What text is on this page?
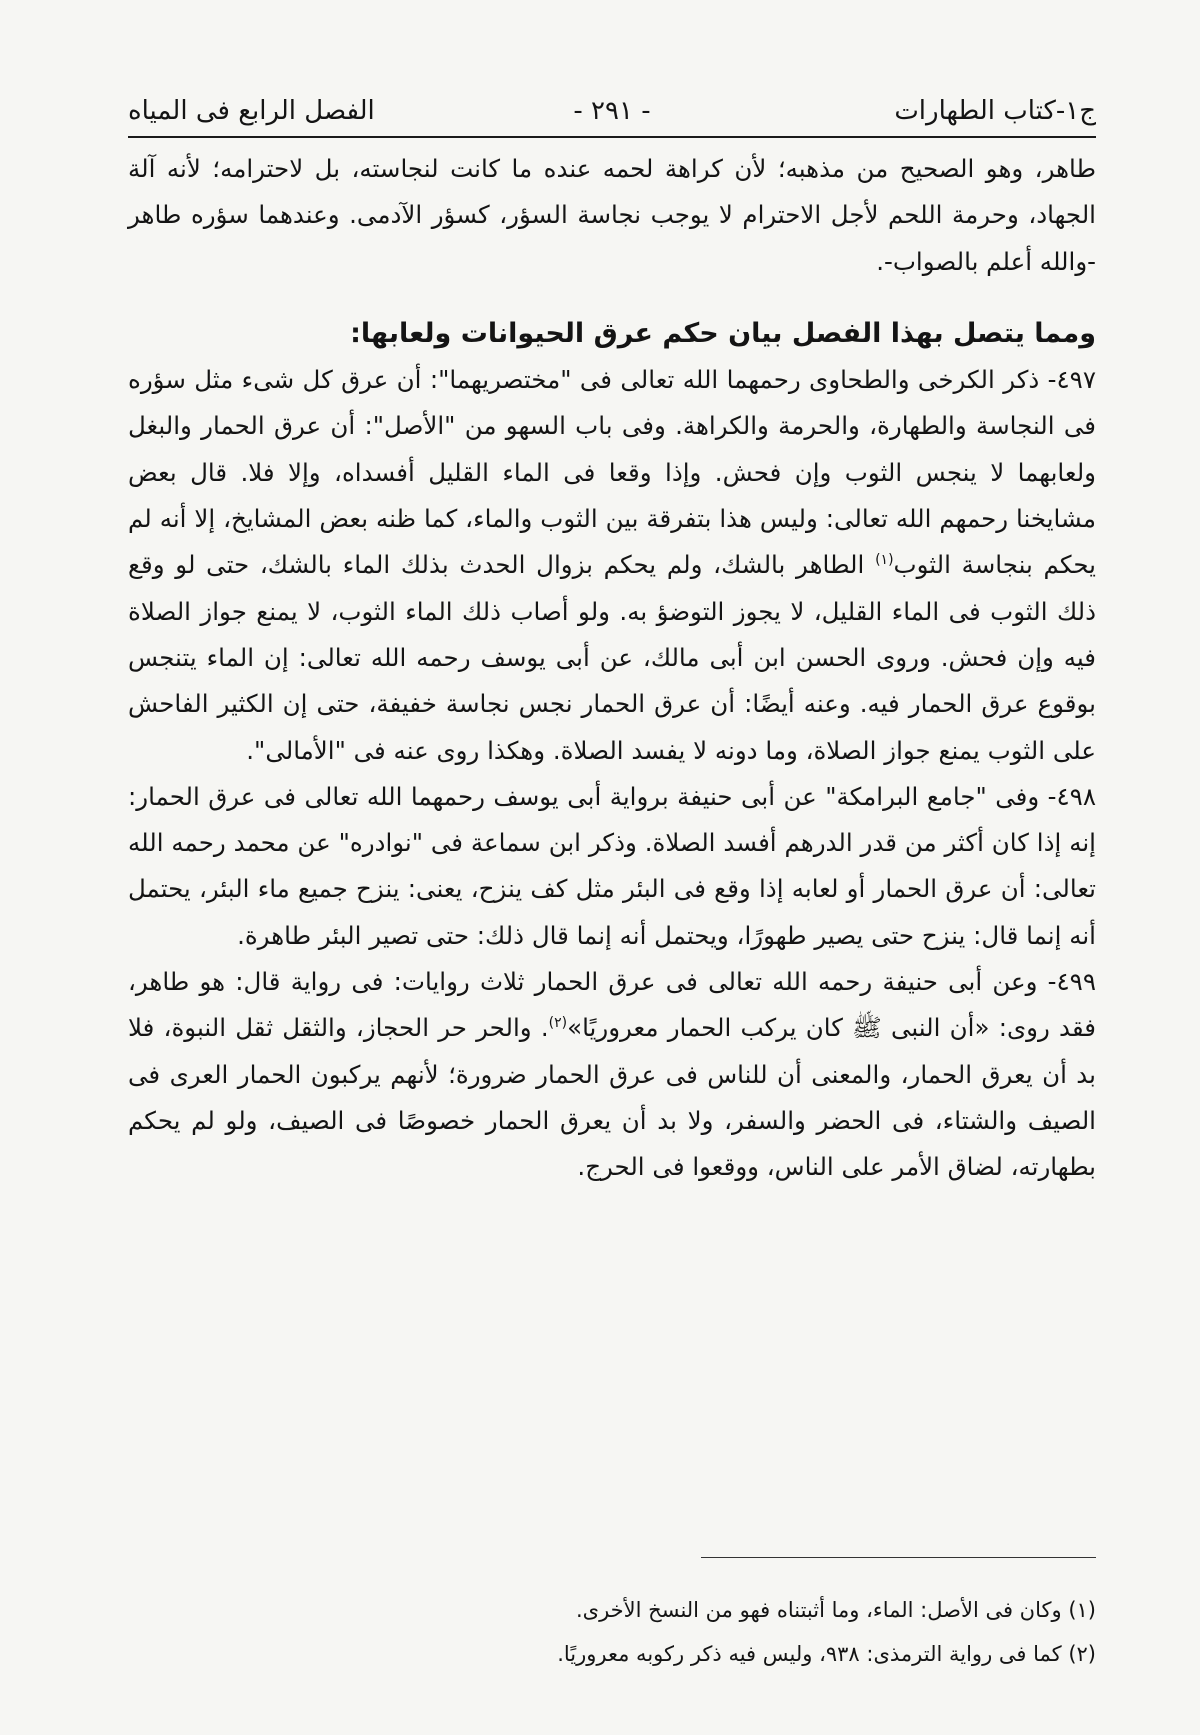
ج١-كتاب الطهارات
- ٢٩١ -
الفصل الرابع فى المياه

طاهر، وهو الصحيح من مذهبه؛ لأن كراهة لحمه عنده ما كانت لنجاسته، بل لاحترامه؛ لأنه آلة الجهاد، وحرمة اللحم لأجل الاحترام لا يوجب نجاسة السؤر، كسؤر الآدمى. وعندهما سؤره طاهر -والله أعلم بالصواب-.

ومما يتصل بهذا الفصل بيان حكم عرق الحيوانات ولعابها:

٤٩٧- ذكر الكرخى والطحاوى رحمهما الله تعالى فى "مختصريهما": أن عرق كل شىء مثل سؤره فى النجاسة والطهارة، والحرمة والكراهة. وفى باب السهو من "الأصل": أن عرق الحمار والبغل ولعابهما لا ينجس الثوب وإن فحش. وإذا وقعا فى الماء القليل أفسداه، وإلا فلا. قال بعض مشايخنا رحمهم الله تعالى: وليس هذا بتفرقة بين الثوب والماء، كما ظنه بعض المشايخ، إلا أنه لم يحكم بنجاسة الثوب$^{(١)}$ الطاهر بالشك، ولم يحكم بزوال الحدث بذلك الماء بالشك، حتى لو وقع ذلك الثوب فى الماء القليل، لا يجوز التوضؤ به. ولو أصاب ذلك الماء الثوب، لا يمنع جواز الصلاة فيه وإن فحش. وروى الحسن ابن أبى مالك، عن أبى يوسف رحمه الله تعالى: إن الماء يتنجس بوقوع عرق الحمار فيه. وعنه أيضًا: أن عرق الحمار نجس نجاسة خفيفة، حتى إن الكثير الفاحش على الثوب يمنع جواز الصلاة، وما دونه لا يفسد الصلاة. وهكذا روى عنه فى "الأمالى".

٤٩٨- وفى "جامع البرامكة" عن أبى حنيفة برواية أبى يوسف رحمهما الله تعالى فى عرق الحمار: إنه إذا كان أكثر من قدر الدرهم أفسد الصلاة. وذكر ابن سماعة فى "نوادره" عن محمد رحمه الله تعالى: أن عرق الحمار أو لعابه إذا وقع فى البئر مثل كف ينزح، يعنى: ينزح جميع ماء البئر، يحتمل أنه إنما قال: ينزح حتى يصير طهورًا، ويحتمل أنه إنما قال ذلك: حتى تصير البئر طاهرة.

٤٩٩- وعن أبى حنيفة رحمه الله تعالى فى عرق الحمار ثلاث روايات: فى رواية قال: هو طاهر، فقد روى: «أن النبى ﷺ كان يركب الحمار معروريًا»$^{(٢)}$. والحر حر الحجاز، والثقل ثقل النبوة، فلا بد أن يعرق الحمار، والمعنى أن للناس فى عرق الحمار ضرورة؛ لأنهم يركبون الحمار العرى فى الصيف والشتاء، فى الحضر والسفر، ولا بد أن يعرق الحمار خصوصًا فى الصيف، ولو لم يحكم بطهارته، لضاق الأمر على الناس، ووقعوا فى الحرج.

(١) وكان فى الأصل: الماء، وما أثبتناه فهو من النسخ الأخرى.

(٢) كما فى رواية الترمذى: ٩٣٨، وليس فيه ذكر ركوبه معروريًا.
